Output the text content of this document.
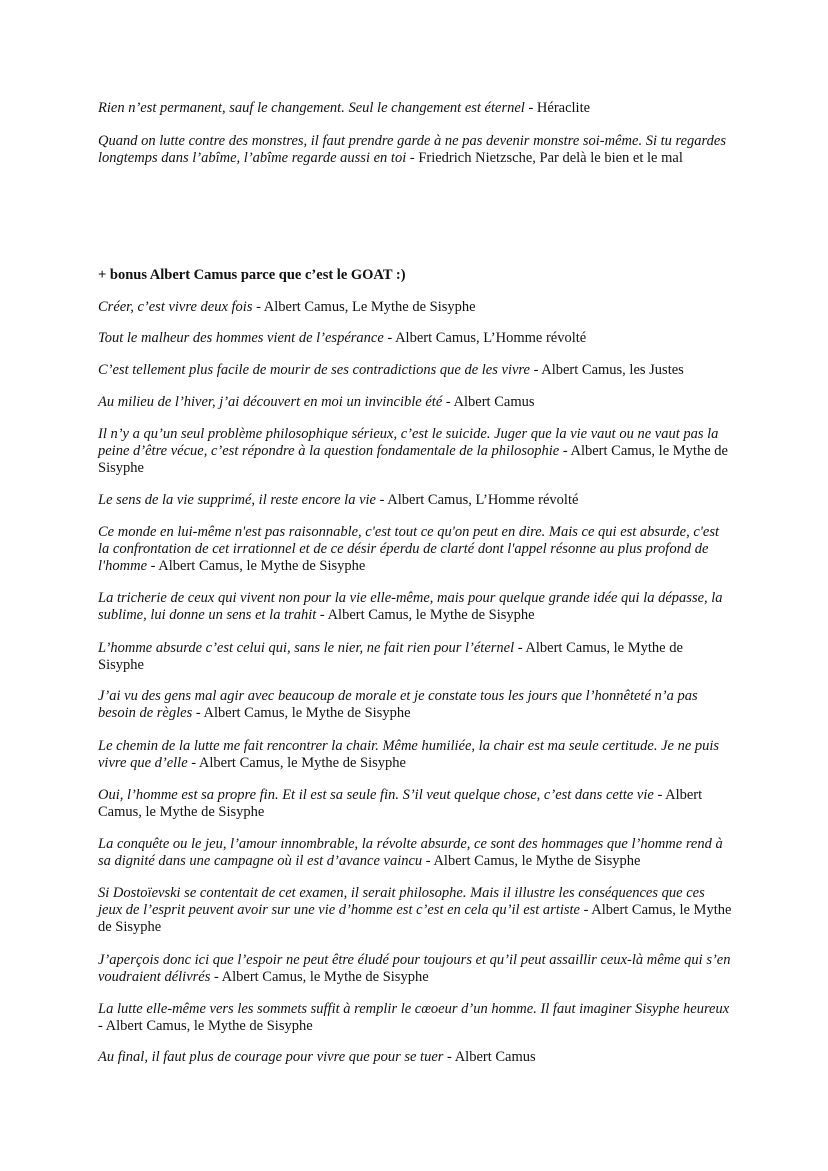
Rien n’est permanent, sauf le changement. Seul le changement est éternel - Héraclite

Quand on lutte contre des monstres, il faut prendre garde à ne pas devenir monstre soi-même. Si tu regardes longtemps dans l’abîme, l’abîme regarde aussi en toi - Friedrich Nietzsche, Par delà le bien et le mal

+ bonus Albert Camus parce que c’est le GOAT :)

Créer, c’est vivre deux fois - Albert Camus, Le Mythe de Sisyphe

Tout le malheur des hommes vient de l’espérance - Albert Camus, L’Homme révolté

C’est tellement plus facile de mourir de ses contradictions que de les vivre - Albert Camus, les Justes

Au milieu de l’hiver, j’ai découvert en moi un invincible été - Albert Camus

Il n’y a qu’un seul problème philosophique sérieux, c’est le suicide. Juger que la vie vaut ou ne vaut pas la peine d’être vécue, c’est répondre à la question fondamentale de la philosophie - Albert Camus, le Mythe de Sisyphe

Le sens de la vie supprimé, il reste encore la vie - Albert Camus, L’Homme révolté

Ce monde en lui-même n'est pas raisonnable, c'est tout ce qu'on peut en dire. Mais ce qui est absurde, c'est la confrontation de cet irrationnel et de ce désir éperdu de clarté dont l'appel résonne au plus profond de l'homme - Albert Camus, le Mythe de Sisyphe

La tricherie de ceux qui vivent non pour la vie elle-même, mais pour quelque grande idée qui la dépasse, la sublime, lui donne un sens et la trahit - Albert Camus, le Mythe de Sisyphe

L’homme absurde c’est celui qui, sans le nier, ne fait rien pour l’éternel - Albert Camus, le Mythe de Sisyphe

J’ai vu des gens mal agir avec beaucoup de morale et je constate tous les jours que l’honnêteté n’a pas besoin de règles - Albert Camus, le Mythe de Sisyphe

Le chemin de la lutte me fait rencontrer la chair. Même humiliée, la chair est ma seule certitude. Je ne puis vivre que d’elle - Albert Camus, le Mythe de Sisyphe

Oui, l’homme est sa propre fin. Et il est sa seule fin. S’il veut quelque chose, c’est dans cette vie - Albert Camus, le Mythe de Sisyphe

La conquête ou le jeu, l’amour innombrable, la révolte absurde, ce sont des hommages que l’homme rend à sa dignité dans une campagne où il est d’avance vaincu - Albert Camus, le Mythe de Sisyphe

Si Dostoïevski se contentait de cet examen, il serait philosophe. Mais il illustre les conséquences que ces jeux de l’esprit peuvent avoir sur une vie d’homme est c’est en cela qu’il est artiste - Albert Camus, le Mythe de Sisyphe

J’aperçois donc ici que l’espoir ne peut être éludé pour toujours et qu’il peut assaillir ceux-là même qui s’en voudraient délivrés - Albert Camus, le Mythe de Sisyphe

La lutte elle-même vers les sommets suffit à remplir le cœoeur d’un homme. Il faut imaginer Sisyphe heureux - Albert Camus, le Mythe de Sisyphe

Au final, il faut plus de courage pour vivre que pour se tuer - Albert Camus
